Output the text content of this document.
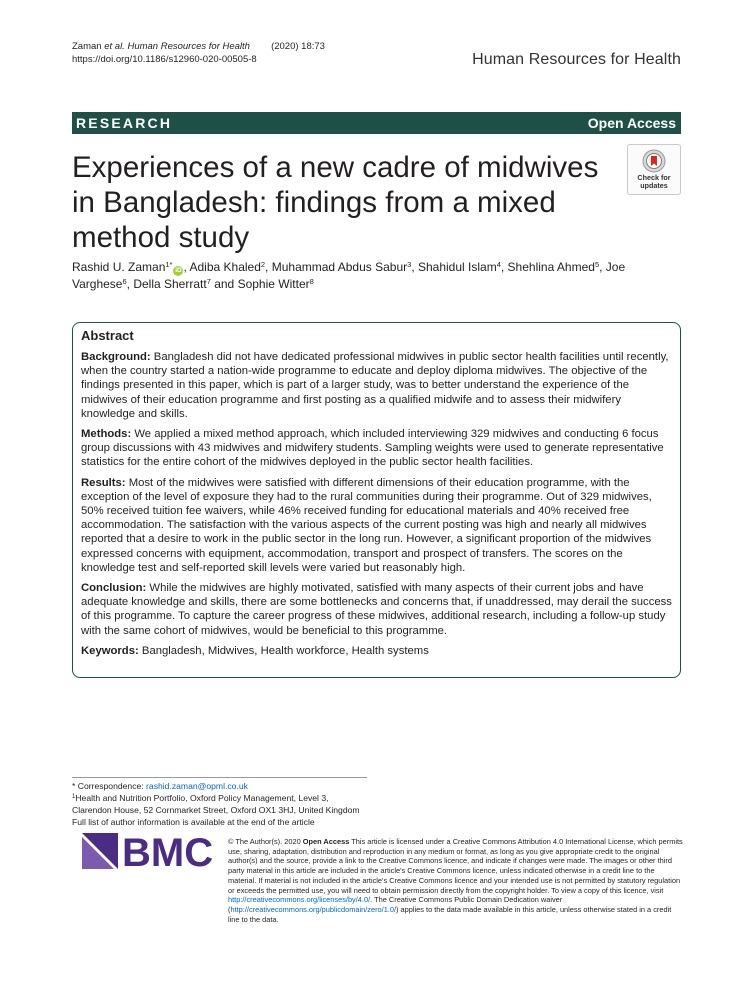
Zaman et al. Human Resources for Health (2020) 18:73
https://doi.org/10.1186/s12960-020-00505-8	Human Resources for Health
RESEARCH	Open Access
Experiences of a new cadre of midwives in Bangladesh: findings from a mixed method study
Check for
updates
Rashid U. Zaman$^{1*}$iD , Adiba Khaled$^2$, Muhammad Abdus Sabur$^3$, Shahidul Islam$^4$, Shehlina Ahmed$^5$, Joe Varghese$^6$, Della Sherratt$^7$ and Sophie Witter$^8$
Abstract

Background: Bangladesh did not have dedicated professional midwives in public sector health facilities until recently, when the country started a nation-wide programme to educate and deploy diploma midwives. The objective of the findings presented in this paper, which is part of a larger study, was to better understand the experience of the midwives of their education programme and first posting as a qualified midwife and to assess their midwifery knowledge and skills.

Methods: We applied a mixed method approach, which included interviewing 329 midwives and conducting 6 focus group discussions with 43 midwives and midwifery students. Sampling weights were used to generate representative statistics for the entire cohort of the midwives deployed in the public sector health facilities.

Results: Most of the midwives were satisfied with different dimensions of their education programme, with the exception of the level of exposure they had to the rural communities during their programme. Out of 329 midwives, 50% received tuition fee waivers, while 46% received funding for educational materials and 40% received free accommodation. The satisfaction with the various aspects of the current posting was high and nearly all midwives reported that a desire to work in the public sector in the long run. However, a significant proportion of the midwives expressed concerns with equipment, accommodation, transport and prospect of transfers. The scores on the knowledge test and self-reported skill levels were varied but reasonably high.

Conclusion: While the midwives are highly motivated, satisfied with many aspects of their current jobs and have adequate knowledge and skills, there are some bottlenecks and concerns that, if unaddressed, may derail the success of this programme. To capture the career progress of these midwives, additional research, including a follow-up study with the same cohort of midwives, would be beneficial to this programme.

Keywords: Bangladesh, Midwives, Health workforce, Health systems

* Correspondence: rashid.zaman@opml.co.uk
$^1$Health and Nutrition Portfolio, Oxford Policy Management, Level 3,
Clarendon House, 52 Cornmarket Street, Oxford OX1 3HJ, United Kingdom
Full list of author information is available at the end of the article
BMC © The Author(s). 2020 Open Access This article is licensed under a Creative Commons Attribution 4.0 International License, which permits use, sharing, adaptation, distribution and reproduction in any medium or format, as long as you give appropriate credit to the original author(s) and the source, provide a link to the Creative Commons licence, and indicate if changes were made. The images or other third party material in this article are included in the article's Creative Commons licence, unless indicated otherwise in a credit line to the material. If material is not included in the article's Creative Commons licence and your intended use is not permitted by statutory regulation or exceeds the permitted use, you will need to obtain permission directly from the copyright holder. To view a copy of this licence, visit http://creativecommons.org/licenses/by/4.0/. The Creative Commons Public Domain Dedication waiver (http://creativecommons.org/publicdomain/zero/1.0/) applies to the data made available in this article, unless otherwise stated in a credit line to the data.
